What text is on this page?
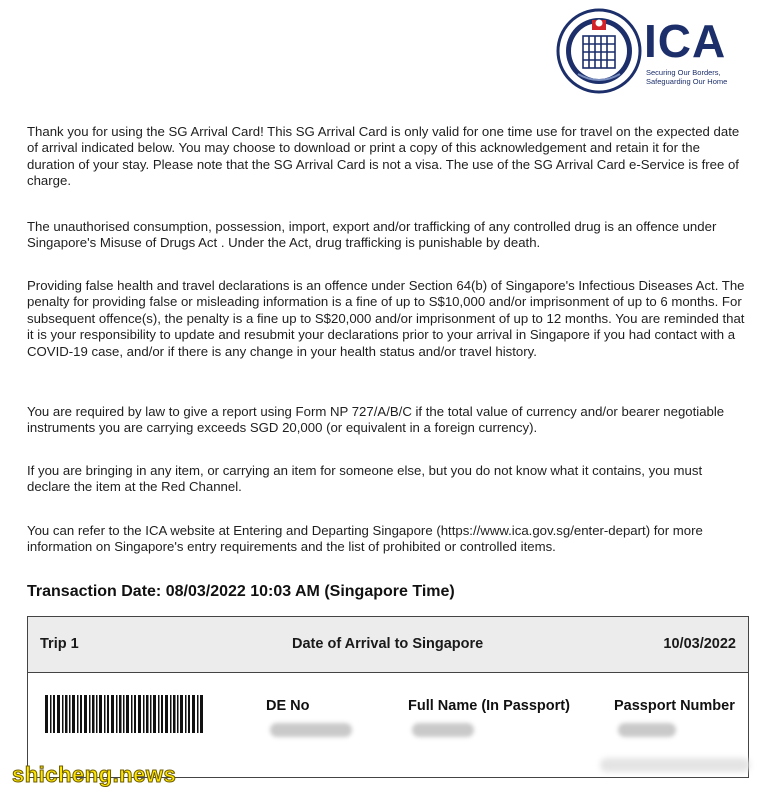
ICA
Securing Our Borders,
Safeguarding Our Home

Thank you for using the SG Arrival Card! This SG Arrival Card is only valid for one time use for travel on the expected date of arrival indicated below. You may choose to download or print a copy of this acknowledgement and retain it for the duration of your stay. Please note that the SG Arrival Card is not a visa. The use of the SG Arrival Card e-Service is free of charge.

The unauthorised consumption, possession, import, export and/or trafficking of any controlled drug is an offence under Singapore's Misuse of Drugs Act . Under the Act, drug trafficking is punishable by death.

Providing false health and travel declarations is an offence under Section 64(b) of Singapore's Infectious Diseases Act. The penalty for providing false or misleading information is a fine of up to S$10,000 and/or imprisonment of up to 6 months. For subsequent offence(s), the penalty is a fine up to S$20,000 and/or imprisonment of up to 12 months. You are reminded that it is your responsibility to update and resubmit your declarations prior to your arrival in Singapore if you had contact with a COVID-19 case, and/or if there is any change in your health status and/or travel history.

You are required by law to give a report using Form NP 727/A/B/C if the total value of currency and/or bearer negotiable instruments you are carrying exceeds SGD 20,000 (or equivalent in a foreign currency).

If you are bringing in any item, or carrying an item for someone else, but you do not know what it contains, you must declare the item at the Red Channel.

You can refer to the ICA website at Entering and Departing Singapore (https://www.ica.gov.sg/enter-depart) for more information on Singapore's entry requirements and the list of prohibited or controlled items.

Transaction Date: 08/03/2022 10:03 AM (Singapore Time)
Trip 1	Date of Arrival to Singapore	10/03/2022
DE No	Full Name (In Passport)	Passport Number
shicheng.news
